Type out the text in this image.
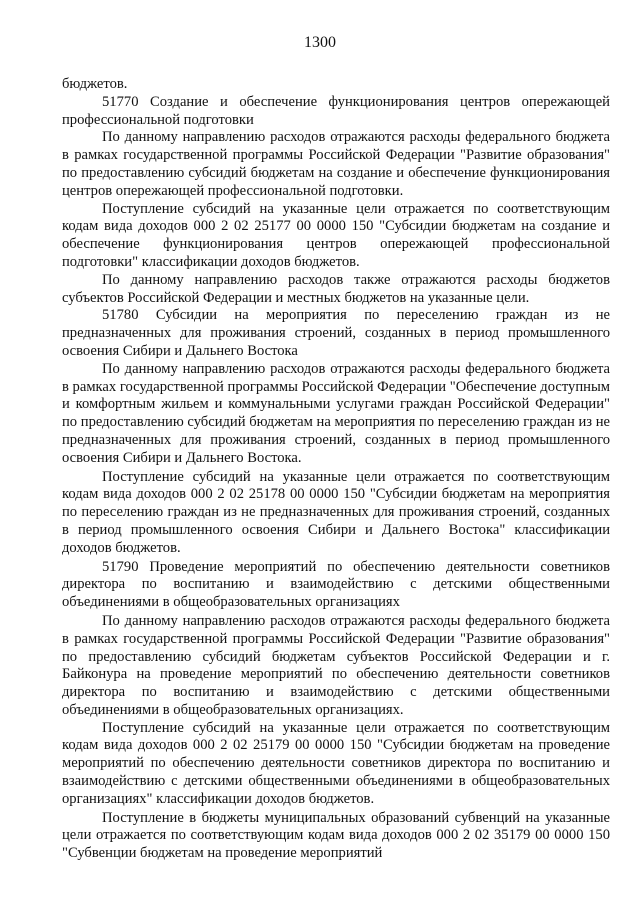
1300

бюджетов.

51770 Создание и обеспечение функционирования центров опережающей профессиональной подготовки

По данному направлению расходов отражаются расходы федерального бюджета в рамках государственной программы Российской Федерации "Развитие образования" по предоставлению субсидий бюджетам на создание и обеспечение функционирования центров опережающей профессиональной подготовки.

Поступление субсидий на указанные цели отражается по соответствующим кодам вида доходов 000 2 02 25177 00 0000 150 "Субсидии бюджетам на создание и обеспечение функционирования центров опережающей профессиональной подготовки" классификации доходов бюджетов.

По данному направлению расходов также отражаются расходы бюджетов субъектов Российской Федерации и местных бюджетов на указанные цели.

51780 Субсидии на мероприятия по переселению граждан из не предназначенных для проживания строений, созданных в период промышленного освоения Сибири и Дальнего Востока

По данному направлению расходов отражаются расходы федерального бюджета в рамках государственной программы Российской Федерации "Обеспечение доступным и комфортным жильем и коммунальными услугами граждан Российской Федерации" по предоставлению субсидий бюджетам на мероприятия по переселению граждан из не предназначенных для проживания строений, созданных в период промышленного освоения Сибири и Дальнего Востока.

Поступление субсидий на указанные цели отражается по соответствующим кодам вида доходов 000 2 02 25178 00 0000 150 "Субсидии бюджетам на мероприятия по переселению граждан из не предназначенных для проживания строений, созданных в период промышленного освоения Сибири и Дальнего Востока" классификации доходов бюджетов.

51790 Проведение мероприятий по обеспечению деятельности советников директора по воспитанию и взаимодействию с детскими общественными объединениями в общеобразовательных организациях

По данному направлению расходов отражаются расходы федерального бюджета в рамках государственной программы Российской Федерации "Развитие образования" по предоставлению субсидий бюджетам субъектов Российской Федерации и г. Байконура на проведение мероприятий по обеспечению деятельности советников директора по воспитанию и взаимодействию с детскими общественными объединениями в общеобразовательных организациях.

Поступление субсидий на указанные цели отражается по соответствующим кодам вида доходов 000 2 02 25179 00 0000 150 "Субсидии бюджетам на проведение мероприятий по обеспечению деятельности советников директора по воспитанию и взаимодействию с детскими общественными объединениями в общеобразовательных организациях" классификации доходов бюджетов.

Поступление в бюджеты муниципальных образований субвенций на указанные цели отражается по соответствующим кодам вида доходов 000 2 02 35179 00 0000 150 "Субвенции бюджетам на проведение мероприятий
